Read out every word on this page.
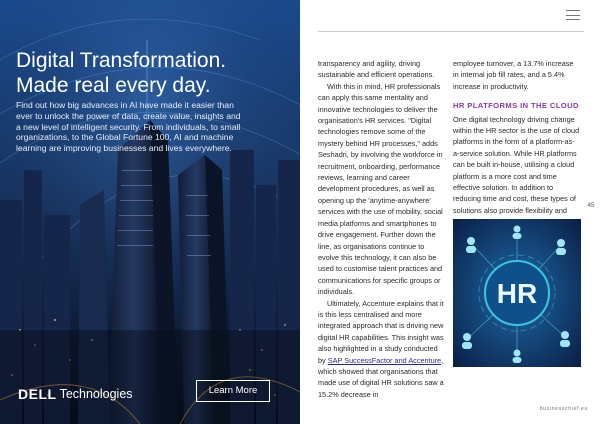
Digital Transformation.
Made real every day.

Find out how big advances in AI have made it easier than ever to unlock the power of data, create value, insights and a new level of intelligent security. From individuals, to small organizations, to the Global Fortune 100, AI and machine learning are improving businesses and lives everywhere.

DELL Technologies	Learn More

transparency and agility, driving sustainable and efficient operations.

With this in mind, HR professionals can apply this same mentality and innovative technologies to deliver the organisation's HR services. "Digital technologies remove some of the mystery behind HR processes," adds Seshadri, by involving the workforce in recruitment, onboarding, performance reviews, learning and career development procedures, as well as opening up the 'anytime-anywhere' services with the use of mobility, social media platforms and smartphones to drive engagement. Further down the line, as organisations continue to evolve this technology, it can also be used to customise talent practices and communications for specific groups or individuals.

Ultimately, Accenture explains that it is this less centralised and more integrated approach that is driving new digital HR capabilities. This insight was also highlighted in a study conducted by SAP SuccessFactor and Accenture, which showed that organisations that made use of digital HR solutions saw a 15.2% decrease in

employee turnover, a 13.7% increase in internal job fill rates, and a 5.4% increase in productivity.

HR PLATFORMS IN THE CLOUD

One digital technology driving change within the HR sector is the use of cloud platforms in the form of a platform-as-a-service solution. While HR platforms can be built in-house, utilising a cloud platform is a more cost and time effective solution. In addition to reducing time and cost, these types of solutions also provide flexibility and

HR
45
businesschief.eu
